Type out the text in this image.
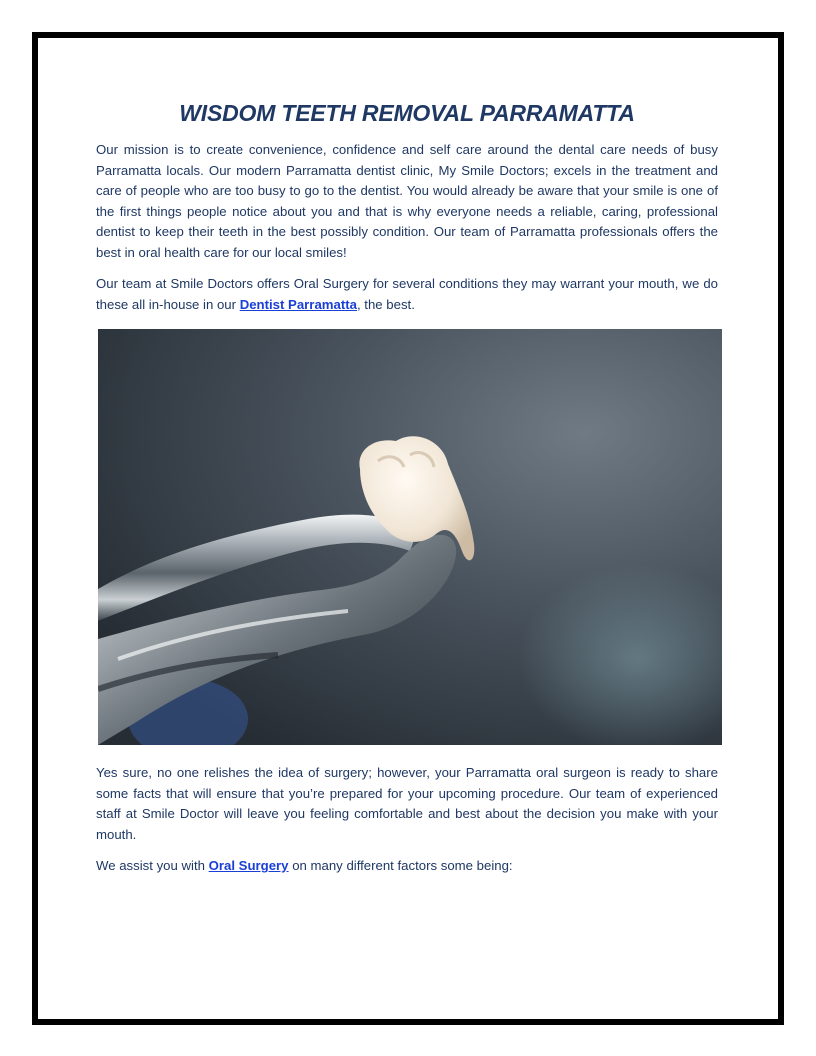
WISDOM TEETH REMOVAL PARRAMATTA

Our mission is to create convenience, confidence and self care around the dental care needs of busy Parramatta locals. Our modern Parramatta dentist clinic, My Smile Doctors; excels in the treatment and care of people who are too busy to go to the dentist. You would already be aware that your smile is one of the first things people notice about you and that is why everyone needs a reliable, caring, professional dentist to keep their teeth in the best possibly condition. Our team of Parramatta professionals offers the best in oral health care for our local smiles!

Our team at Smile Doctors offers Oral Surgery for several conditions they may warrant your mouth, we do these all in-house in our Dentist Parramatta, the best.

Yes sure, no one relishes the idea of surgery; however, your Parramatta oral surgeon is ready to share some facts that will ensure that you’re prepared for your upcoming procedure. Our team of experienced staff at Smile Doctor will leave you feeling comfortable and best about the decision you make with your mouth.

We assist you with Oral Surgery on many different factors some being:
